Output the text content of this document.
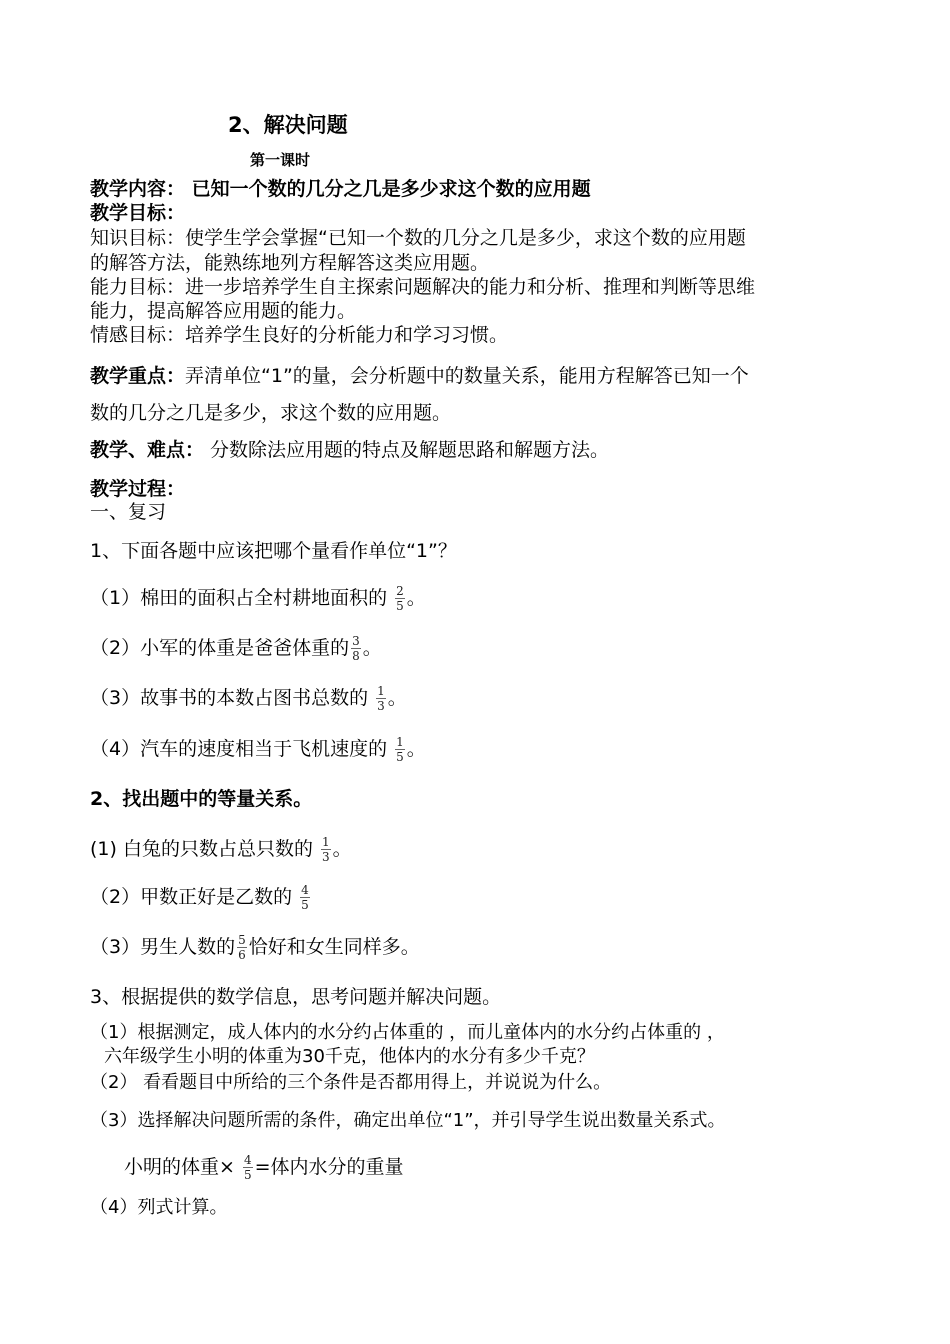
2、解决问题
第一课时
教学内容： 已知一个数的几分之几是多少求这个数的应用题
教学目标：
知识目标：使学生学会掌握“已知一个数的几分之几是多少，求这个数的应用题
的解答方法，能熟练地列方程解答这类应用题。
能力目标：进一步培养学生自主探索问题解决的能力和分析、推理和判断等思维
能力，提高解答应用题的能力。
情感目标：培养学生良好的分析能力和学习习惯。
教学重点：弄清单位“1”的量，会分析题中的数量关系，能用方程解答已知一个
数的几分之几是多少，求这个数的应用题。
教学、难点： 分数除法应用题的特点及解题思路和解题方法。
教学过程：
一、复习
1、下面各题中应该把哪个量看作单位“1”？
（1）棉田的面积占全村耕地面积的 $\frac{2}{5}$ 。
（2）小军的体重是爸爸体重的 $\frac{3}{8}$ 。
（3）故事书的本数占图书总数的 $\frac{1}{3}$ 。
（4）汽车的速度相当于飞机速度的 $\frac{1}{5}$ 。
2、找出题中的等量关系。
(1) 白兔的只数占总只数的 $\frac{1}{3}$ 。
（2）甲数正好是乙数的 $\frac{4}{5}$
（3）男生人数的 $\frac{5}{6}$ 恰好和女生同样多。
3、根据提供的数学信息，思考问题并解决问题。
（1）根据测定，成人体内的水分约占体重的 ，而儿童体内的水分约占体重的 ，
六年级学生小明的体重为30千克，他体内的水分有多少千克？
（2） 看看题目中所给的三个条件是否都用得上，并说说为什么。
（3）选择解决问题所需的条件，确定出单位“1”，并引导学生说出数量关系式。
小明的体重× $\frac{4}{5}$ =体内水分的重量
（4）列式计算。
